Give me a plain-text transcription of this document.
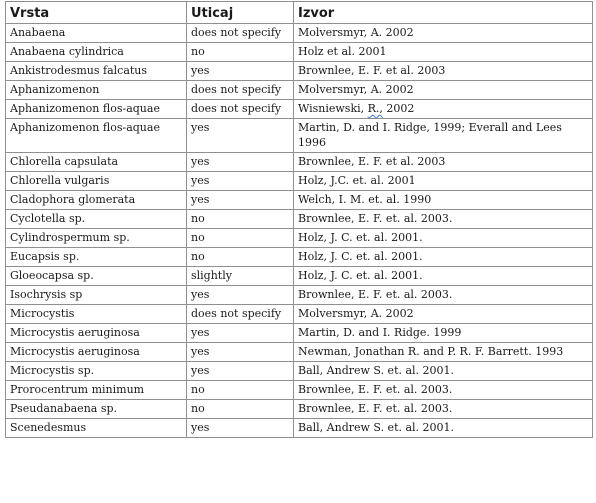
Vrsta	Uticaj	Izvor
Anabaena	does not specify	Molversmyr, A. 2002
Anabaena cylindrica	no	Holz et al. 2001
Ankistrodesmus falcatus	yes	Brownlee, E. F. et al. 2003
Aphanizomenon	does not specify	Molversmyr, A. 2002
Aphanizomenon flos-aquae	does not specify	Wisniewski, R., 2002
Aphanizomenon flos-aquae	yes	Martin, D. and I. Ridge, 1999; Everall and Lees 1996
Chlorella capsulata	yes	Brownlee, E. F. et al. 2003
Chlorella vulgaris	yes	Holz, J.C. et. al. 2001
Cladophora glomerata	yes	Welch, I. M. et. al. 1990
Cyclotella sp.	no	Brownlee, E. F. et. al. 2003.
Cylindrospermum sp.	no	Holz, J. C. et. al. 2001.
Eucapsis sp.	no	Holz, J. C. et. al. 2001.
Gloeocapsa sp.	slightly	Holz, J. C. et. al. 2001.
Isochrysis sp	yes	Brownlee, E. F. et. al. 2003.
Microcystis	does not specify	Molversmyr, A. 2002
Microcystis aeruginosa	yes	Martin, D. and I. Ridge. 1999
Microcystis aeruginosa	yes	Newman, Jonathan R. and P. R. F. Barrett. 1993
Microcystis sp.	yes	Ball, Andrew S. et. al. 2001.
Prorocentrum minimum	no	Brownlee, E. F. et. al. 2003.
Pseudanabaena sp.	no	Brownlee, E. F. et. al. 2003.
Scenedesmus	yes	Ball, Andrew S. et. al. 2001.
